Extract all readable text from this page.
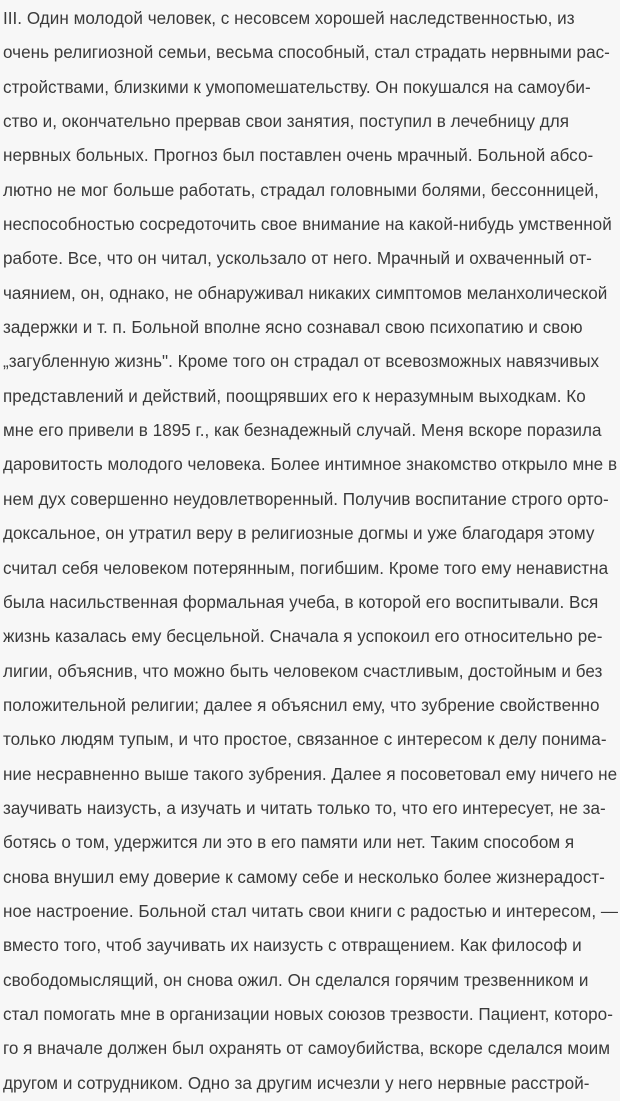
III. Один молодой человек, с несовсем хорошей наследственностью, из
очень религиозной семьи, весьма способный, стал страдать нервными рас-
стройствами, близкими к умопомешательству. Он покушался на самоуби-
ство и, окончательно прервав свои занятия, поступил в лечебницу для
нервных больных. Прогноз был поставлен очень мрачный. Больной абсо-
лютно не мог больше работать, страдал головными болями, бессонницей,
неспособностью сосредоточить свое внимание на какой-нибудь умственной
работе. Все, что он читал, ускользало от него. Мрачный и охваченный от-
чаянием, он, однако, не обнаруживал никаких симптомов меланхолической
задержки и т. п. Больной вполне ясно сознавал свою психопатию и свою
„загубленную жизнь". Кроме того он страдал от всевозможных навязчивых
представлений и действий, поощрявших его к неразумным выходкам. Ко
мне его привели в 1895 г., как безнадежный случай. Меня вскоре поразила
даровитость молодого человека. Более интимное знакомство открыло мне в
нем дух совершенно неудовлетворенный. Получив воспитание строго орто-
доксальное, он утратил веру в религиозные догмы и уже благодаря этому
считал себя человеком потерянным, погибшим. Кроме того ему ненавистна
была насильственная формальная учеба, в которой его воспитывали. Вся
жизнь казалась ему бесцельной. Сначала я успокоил его относительно ре-
лигии, объяснив, что можно быть человеком счастливым, достойным и без
положительной религии; далее я объяснил ему, что зубрение свойственно
только людям тупым, и что простое, связанное с интересом к делу понима-
ние несравненно выше такого зубрения. Далее я посоветовал ему ничего не
заучивать наизусть, а изучать и читать только то, что его интересует, не за-
ботясь о том, удержится ли это в его памяти или нет. Таким способом я
снова внушил ему доверие к самому себе и несколько более жизнерадост-
ное настроение. Больной стал читать свои книги с радостью и интересом, —
вместо того, чтоб заучивать их наизусть с отвращением. Как философ и
свободомыслящий, он снова ожил. Он сделался горячим трезвенником и
стал помогать мне в организации новых союзов трезвости. Пациент, которо-
го я вначале должен был охранять от самоубийства, вскоре сделался моим
другом и сотрудником. Одно за другим исчезли у него нервные расстрой-
